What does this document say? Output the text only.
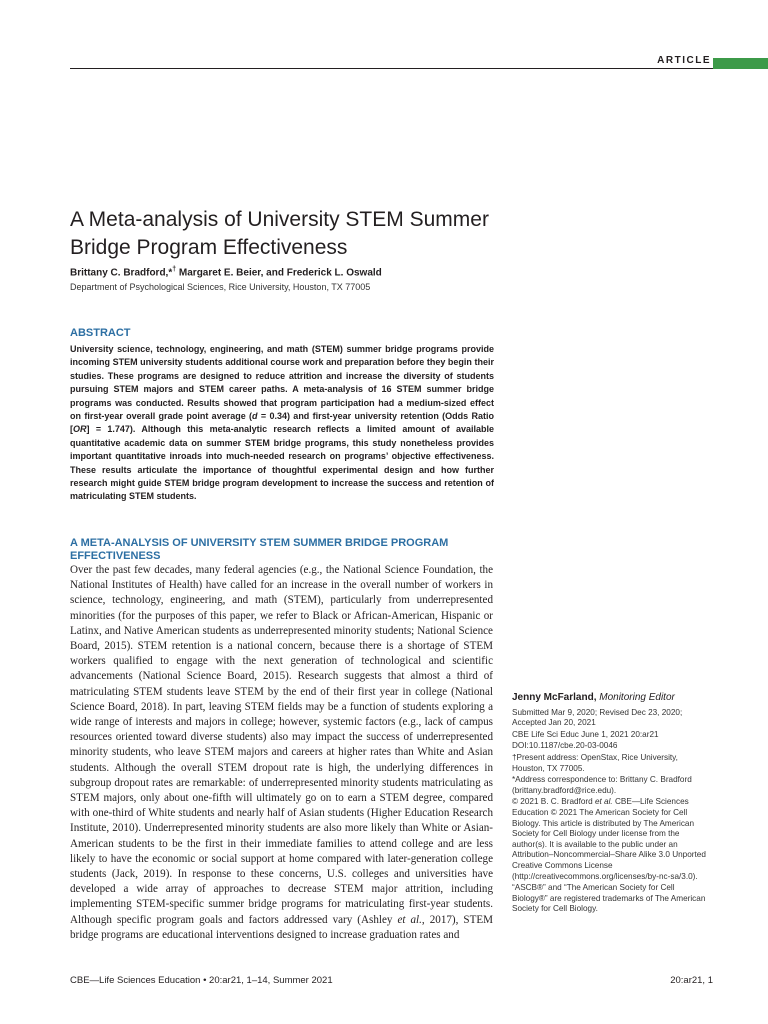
ARTICLE
A Meta-analysis of University STEM Summer Bridge Program Effectiveness
Brittany C. Bradford,*† Margaret E. Beier, and Frederick L. Oswald
Department of Psychological Sciences, Rice University, Houston, TX 77005
ABSTRACT
University science, technology, engineering, and math (STEM) summer bridge programs provide incoming STEM university students additional course work and preparation before they begin their studies. These programs are designed to reduce attrition and increase the diversity of students pursuing STEM majors and STEM career paths. A meta-analysis of 16 STEM summer bridge programs was conducted. Results showed that program participation had a medium-sized effect on first-year overall grade point average (d = 0.34) and first-year university retention (Odds Ratio [OR] = 1.747). Although this meta-analytic research reflects a limited amount of available quantitative academic data on summer STEM bridge programs, this study nonetheless provides important quantitative inroads into much-needed research on programs’ objective effectiveness. These results articulate the importance of thoughtful experimental design and how further research might guide STEM bridge program development to increase the success and retention of matriculating STEM students.
A META-ANALYSIS OF UNIVERSITY STEM SUMMER BRIDGE PROGRAM EFFECTIVENESS
Over the past few decades, many federal agencies (e.g., the National Science Foundation, the National Institutes of Health) have called for an increase in the overall number of workers in science, technology, engineering, and math (STEM), particularly from underrepresented minorities (for the purposes of this paper, we refer to Black or African-American, Hispanic or Latinx, and Native American students as underrepresented minority students; National Science Board, 2015). STEM retention is a national concern, because there is a shortage of STEM workers qualified to engage with the next generation of technological and scientific advancements (National Science Board, 2015). Research suggests that almost a third of matriculating STEM students leave STEM by the end of their first year in college (National Science Board, 2018). In part, leaving STEM fields may be a function of students exploring a wide range of interests and majors in college; however, systemic factors (e.g., lack of campus resources oriented toward diverse students) also may impact the success of underrepresented minority students, who leave STEM majors and careers at higher rates than White and Asian students. Although the overall STEM dropout rate is high, the underlying differences in subgroup dropout rates are remarkable: of underrepresented minority students matriculating as STEM majors, only about one-fifth will ultimately go on to earn a STEM degree, compared with one-third of White students and nearly half of Asian students (Higher Education Research Institute, 2010). Underrepresented minority students are also more likely than White or Asian-American students to be the first in their immediate families to attend college and are less likely to have the economic or social support at home compared with later-generation college students (Jack, 2019). In response to these concerns, U.S. colleges and universities have developed a wide array of approaches to decrease STEM major attrition, including implementing STEM-specific summer bridge programs for matriculating first-year students. Although specific program goals and factors addressed vary (Ashley et al., 2017), STEM bridge programs are educational interventions designed to increase graduation rates and
Jenny McFarland, Monitoring Editor

Submitted Mar 9, 2020; Revised Dec 23, 2020; Accepted Jan 20, 2021

CBE Life Sci Educ June 1, 2021 20:ar21

DOI:10.1187/cbe.20-03-0046

†Present address: OpenStax, Rice University, Houston, TX 77005.

*Address correspondence to: Brittany C. Bradford (brittany.bradford@rice.edu).

© 2021 B. C. Bradford et al. CBE—Life Sciences Education © 2021 The American Society for Cell Biology. This article is distributed by The American Society for Cell Biology under license from the author(s). It is available to the public under an Attribution–Noncommercial–Share Alike 3.0 Unported Creative Commons License (http://creativecommons.org/licenses/by-nc-sa/3.0).

“ASCB®” and “The American Society for Cell Biology®” are registered trademarks of The American Society for Cell Biology.

CBE—Life Sciences Education • 20:ar21, 1–14, Summer 2021	20:ar21, 1
